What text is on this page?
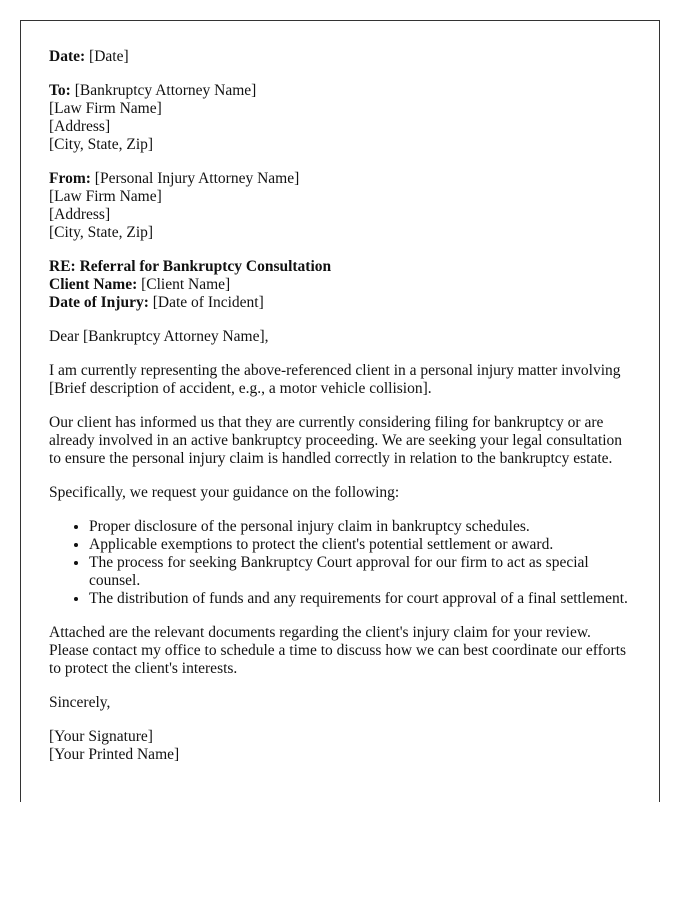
Date: [Date]

To: [Bankruptcy Attorney Name]
[Law Firm Name]
[Address]
[City, State, Zip]

From: [Personal Injury Attorney Name]
[Law Firm Name]
[Address]
[City, State, Zip]

RE: Referral for Bankruptcy Consultation
Client Name: [Client Name]
Date of Injury: [Date of Incident]

Dear [Bankruptcy Attorney Name],

I am currently representing the above-referenced client in a personal injury matter involving [Brief description of accident, e.g., a motor vehicle collision].

Our client has informed us that they are currently considering filing for bankruptcy or are already involved in an active bankruptcy proceeding. We are seeking your legal consultation to ensure the personal injury claim is handled correctly in relation to the bankruptcy estate.

Specifically, we request your guidance on the following:

• Proper disclosure of the personal injury claim in bankruptcy schedules.
• Applicable exemptions to protect the client's potential settlement or award.
• The process for seeking Bankruptcy Court approval for our firm to act as special counsel.
• The distribution of funds and any requirements for court approval of a final settlement.

Attached are the relevant documents regarding the client's injury claim for your review. Please contact my office to schedule a time to discuss how we can best coordinate our efforts to protect the client's interests.

Sincerely,

[Your Signature]
[Your Printed Name]
